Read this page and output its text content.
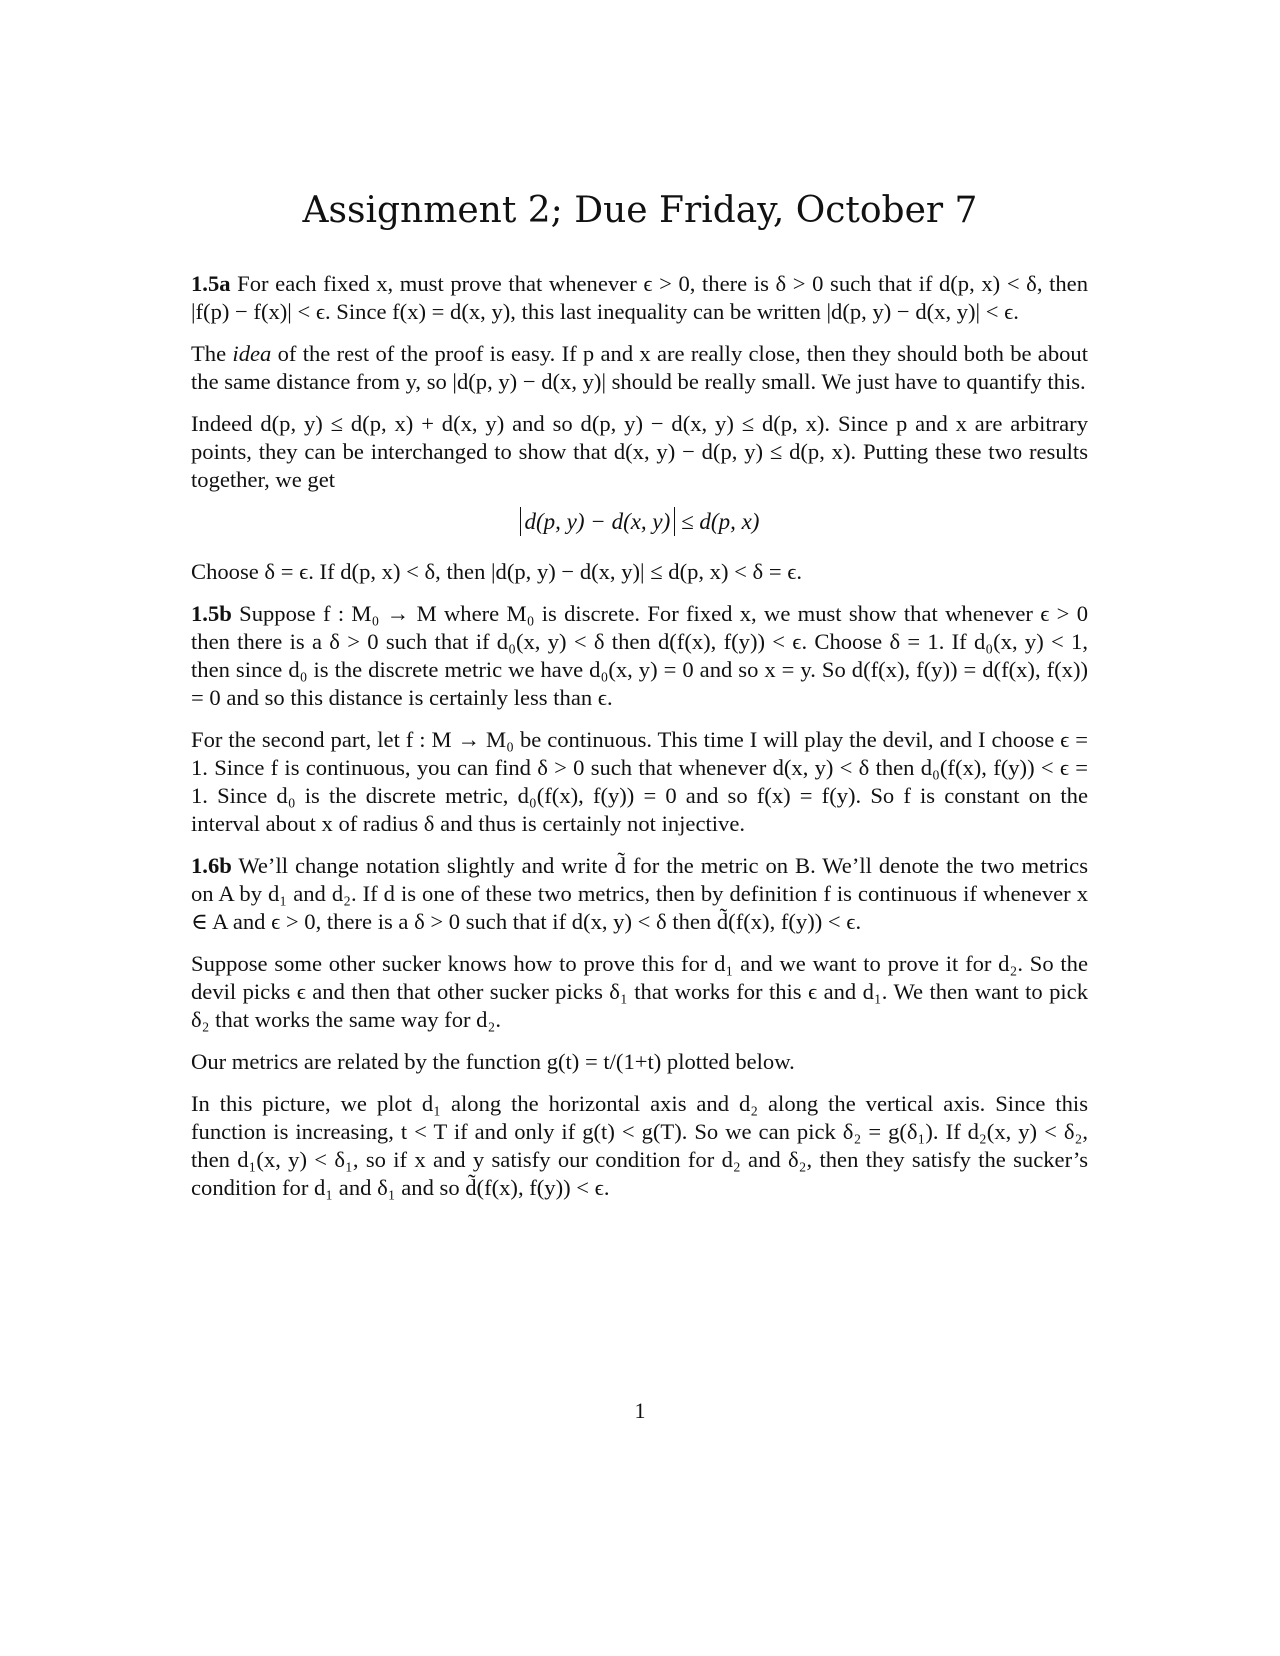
Assignment 2; Due Friday, October 7

1.5a For each fixed x, must prove that whenever ϵ > 0, there is δ > 0 such that if d(p, x) < δ, then |f(p) − f(x)| < ϵ. Since f(x) = d(x, y), this last inequality can be written |d(p, y) − d(x, y)| < ϵ.

The idea of the rest of the proof is easy. If p and x are really close, then they should both be about the same distance from y, so |d(p, y) − d(x, y)| should be really small. We just have to quantify this.

Indeed d(p, y) ≤ d(p, x) + d(x, y) and so d(p, y) − d(x, y) ≤ d(p, x). Since p and x are arbitrary points, they can be interchanged to show that d(x, y) − d(p, y) ≤ d(p, x). Putting these two results together, we get

d(p, y) − d(x, y) ≤ d(p, x)

Choose δ = ϵ. If d(p, x) < δ, then |d(p, y) − d(x, y)| ≤ d(p, x) < δ = ϵ.

1.5b Suppose f : M₀ → M where M₀ is discrete. For fixed x, we must show that whenever ϵ > 0 then there is a δ > 0 such that if d₀(x, y) < δ then d(f(x), f(y)) < ϵ. Choose δ = 1. If d₀(x, y) < 1, then since d₀ is the discrete metric we have d₀(x, y) = 0 and so x = y. So d(f(x), f(y)) = d(f(x), f(x)) = 0 and so this distance is certainly less than ϵ.

For the second part, let f : M → M₀ be continuous. This time I will play the devil, and I choose ϵ = 1. Since f is continuous, you can find δ > 0 such that whenever d(x, y) < δ then d₀(f(x), f(y)) < ϵ = 1. Since d₀ is the discrete metric, d₀(f(x), f(y)) = 0 and so f(x) = f(y). So f is constant on the interval about x of radius δ and thus is certainly not injective.

1.6b We’ll change notation slightly and write d̃ for the metric on B. We’ll denote the two metrics on A by d₁ and d₂. If d is one of these two metrics, then by definition f is continuous if whenever x ∈ A and ϵ > 0, there is a δ > 0 such that if d(x, y) < δ then d̃(f(x), f(y)) < ϵ.

Suppose some other sucker knows how to prove this for d₁ and we want to prove it for d₂. So the devil picks ϵ and then that other sucker picks δ₁ that works for this ϵ and d₁. We then want to pick δ₂ that works the same way for d₂.

Our metrics are related by the function g(t) = t/(1+t) plotted below.

In this picture, we plot d₁ along the horizontal axis and d₂ along the vertical axis. Since this function is increasing, t < T if and only if g(t) < g(T). So we can pick δ₂ = g(δ₁). If d₂(x, y) < δ₂, then d₁(x, y) < δ₁, so if x and y satisfy our condition for d₂ and δ₂, then they satisfy the sucker’s condition for d₁ and δ₁ and so d̃(f(x), f(y)) < ϵ.

1
